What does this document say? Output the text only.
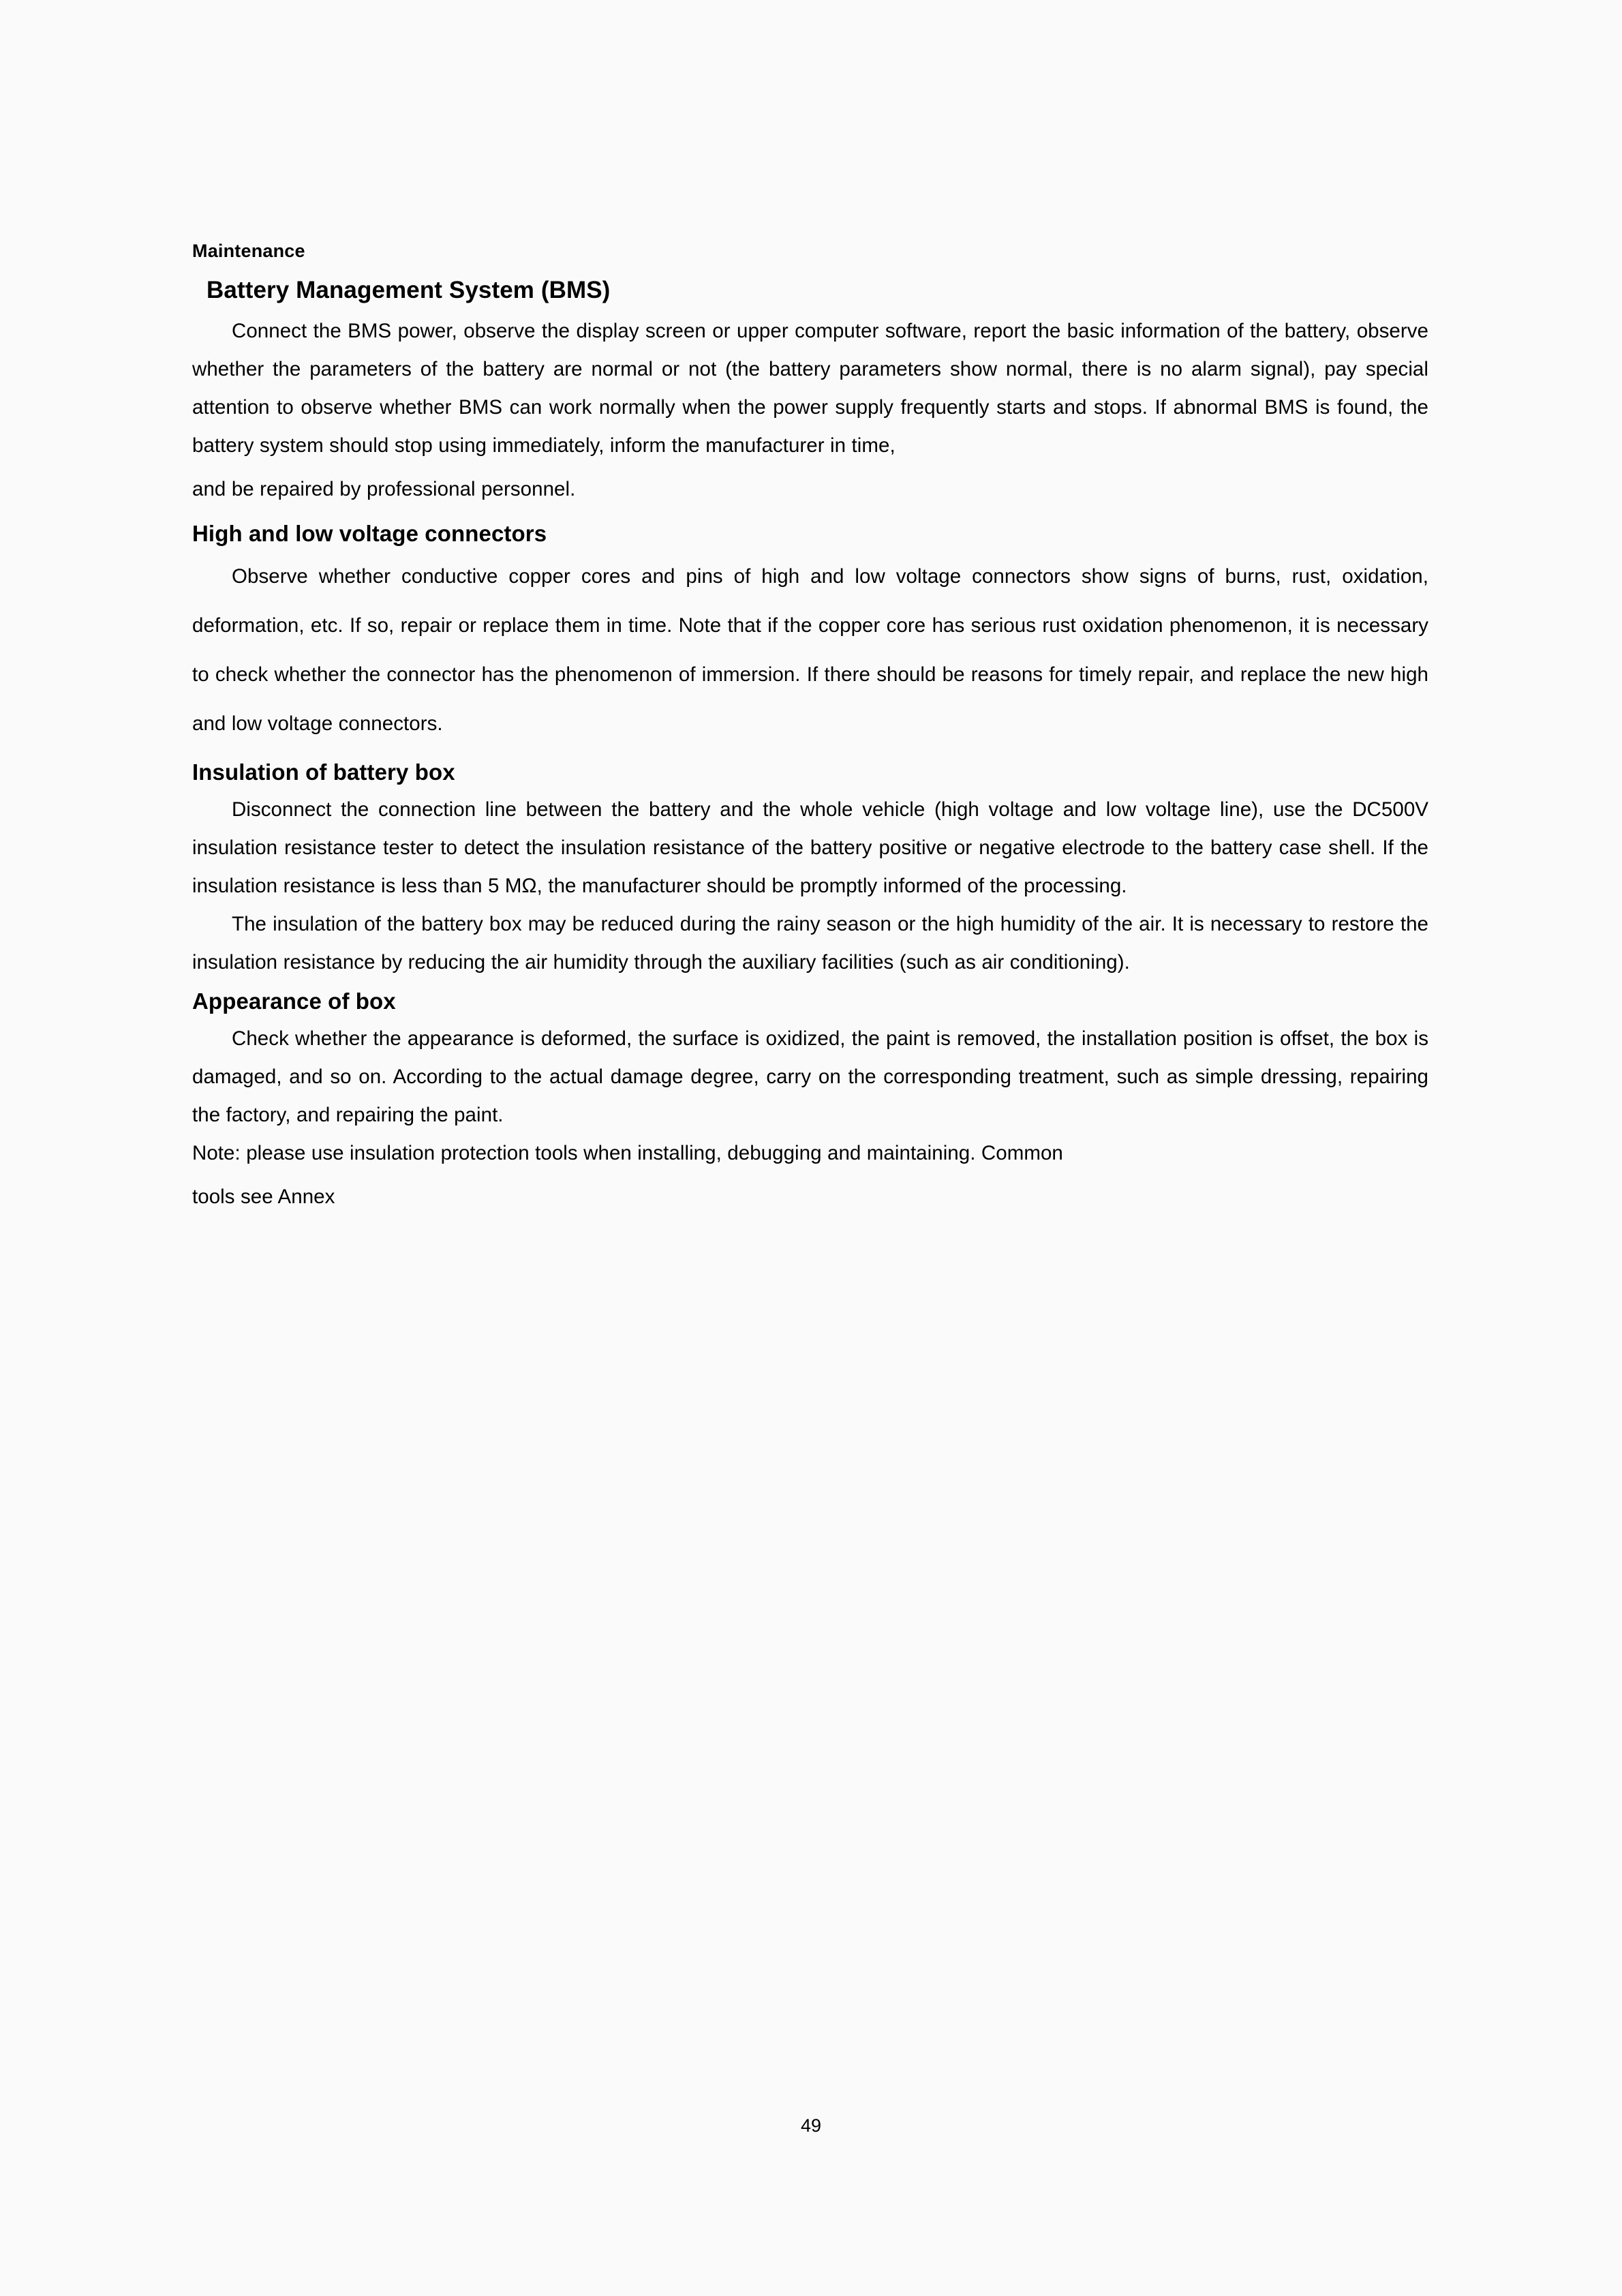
Maintenance
Battery Management System (BMS)

Connect the BMS power, observe the display screen or upper computer software, report the basic information of the battery, observe whether the parameters of the battery are normal or not (the battery parameters show normal, there is no alarm signal), pay special attention to observe whether BMS can work normally when the power supply frequently starts and stops. If abnormal BMS is found, the battery system should stop using immediately, inform the manufacturer in time,

and be repaired by professional personnel.

High and low voltage connectors

Observe whether conductive copper cores and pins of high and low voltage connectors show signs of burns, rust, oxidation, deformation, etc. If so, repair or replace them in time. Note that if the copper core has serious rust oxidation phenomenon, it is necessary to check whether the connector has the phenomenon of immersion. If there should be reasons for timely repair, and replace the new high and low voltage connectors.

Insulation of battery box

Disconnect the connection line between the battery and the whole vehicle (high voltage and low voltage line), use the DC500V insulation resistance tester to detect the insulation resistance of the battery positive or negative electrode to the battery case shell. If the insulation resistance is less than 5 MΩ, the manufacturer should be promptly informed of the processing.

The insulation of the battery box may be reduced during the rainy season or the high humidity of the air. It is necessary to restore the insulation resistance by reducing the air humidity through the auxiliary facilities (such as air conditioning).

Appearance of box

Check whether the appearance is deformed, the surface is oxidized, the paint is removed, the installation position is offset, the box is damaged, and so on. According to the actual damage degree, carry on the corresponding treatment, such as simple dressing, repairing the factory, and repairing the paint.

Note: please use insulation protection tools when installing, debugging and maintaining. Common

tools see Annex

49
